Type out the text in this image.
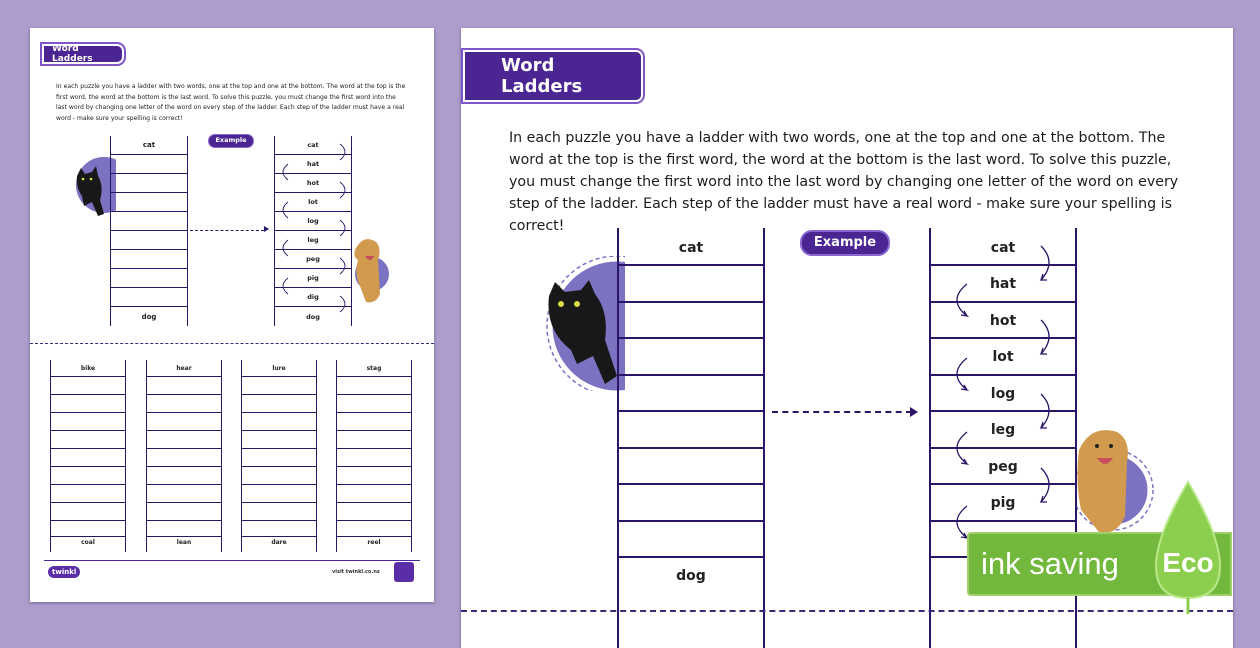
Word Ladders
In each puzzle you have a ladder with two words, one at the top and one at the bottom. The word at the top is the first word, the word at the bottom is the last word. To solve this puzzle, you must change the first word into the last word by changing one letter of the word on every step of the ladder. Each step of the ladder must have a real word - make sure your spelling is correct!
cat
dog
Example
cat
hat
hot
lot
log
leg
peg
pig
dig
dog
bike
coal
hear
lean
lure
dare
stag
reel
twinkl	visit twinkl.co.nz
Word Ladders
In each puzzle you have a ladder with two words, one at the top and one at the bottom. The word at the top is the first word, the word at the bottom is the last word. To solve this puzzle, you must change the first word into the last word by changing one letter of the word on every step of the ladder. Each step of the ladder must have a real word - make sure your spelling is correct!
cat
dog
Example	cat
hat
hot
lot
log
leg
peg
pig
ink saving Eco
